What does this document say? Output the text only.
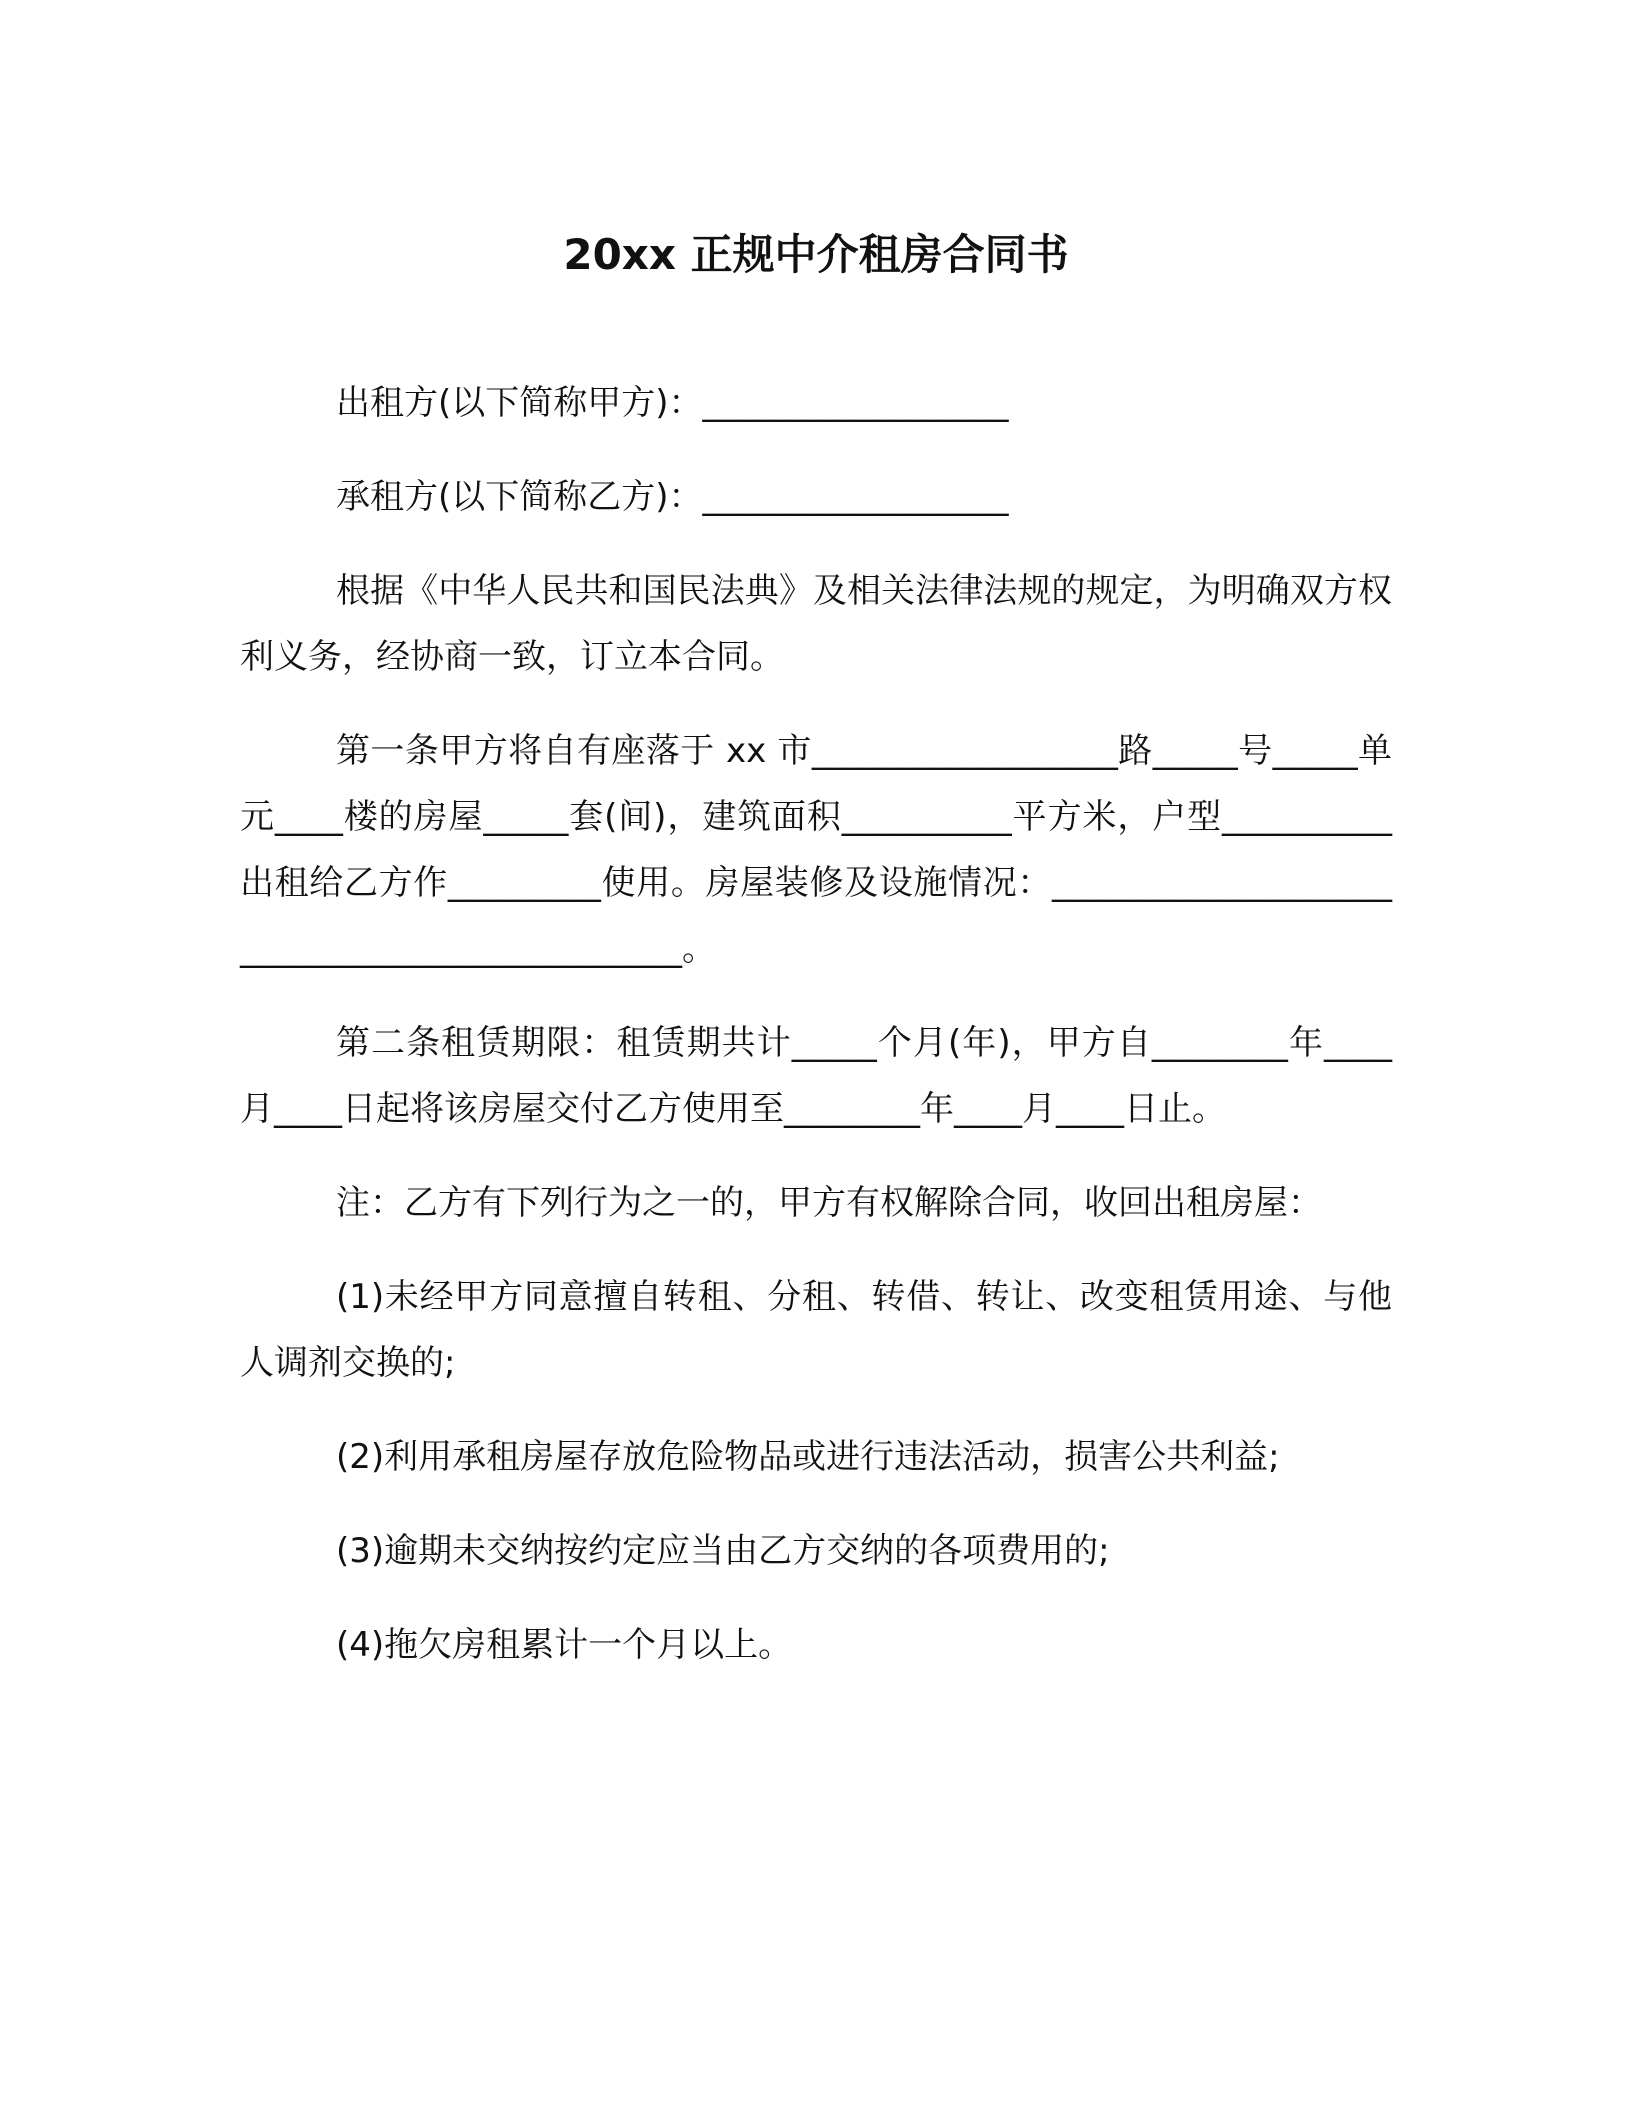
20xx 正规中介租房合同书

出租方(以下简称甲方)：__________________

承租方(以下简称乙方)：__________________

根据《中华人民共和国民法典》及相关法律法规的规定，为明确双方权利义务，经协商一致，订立本合同。

第一条甲方将自有座落于 xx 市__________________路_____号_____单元____楼的房屋_____套(间)，建筑面积__________平方米，户型__________出租给乙方作_________使用。房屋装修及设施情况：______________________________________________。

第二条租赁期限：租赁期共计_____个月(年)，甲方自________年____月____日起将该房屋交付乙方使用至________年____月____日止。

注：乙方有下列行为之一的，甲方有权解除合同，收回出租房屋：

(1)未经甲方同意擅自转租、分租、转借、转让、改变租赁用途、与他人调剂交换的;

(2)利用承租房屋存放危险物品或进行违法活动，损害公共利益;

(3)逾期未交纳按约定应当由乙方交纳的各项费用的;

(4)拖欠房租累计一个月以上。
